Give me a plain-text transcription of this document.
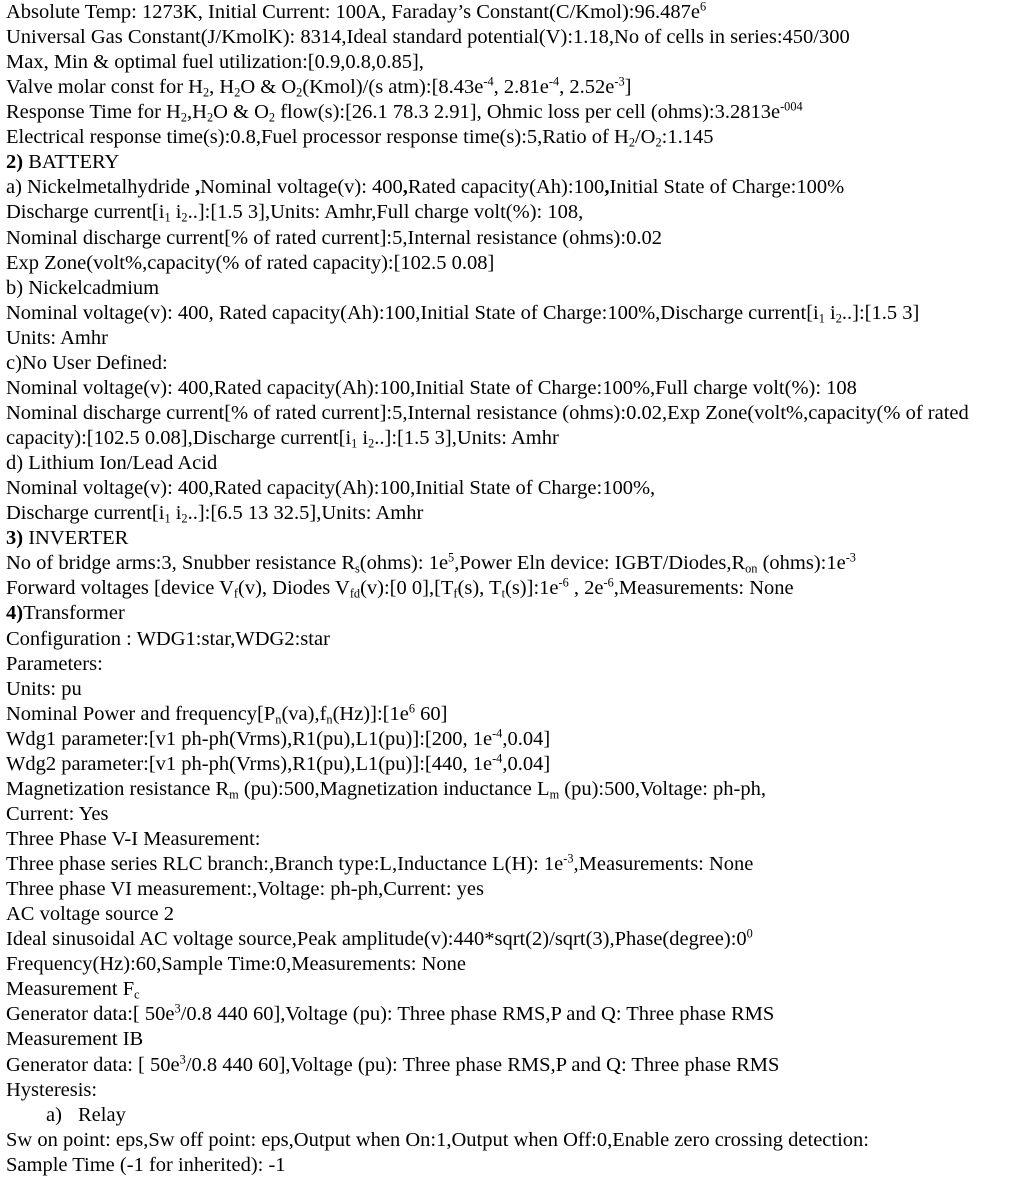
Absolute Temp: 1273K, Initial Current: 100A, Faraday’s $Constant(C/Kmol):96.487e^6$
Universal Gas Constant(J/KmolK): 8314,Ideal standard potential(V):1.18,No of cells in series:450/300
Max, Min & optimal fuel utilization:[0.9,0.8,0.85],
Valve molar const for $H_2$, $H_2O$ & $O_2(Kmol)/(s$ $atm):[8.43e^{-4}$, $2.81e^{-4}$, $2.52e^{-3}$]
Response Time for $H_2,H_2O$ & $O_2$ flow(s):[26.1 78.3 2.91], Ohmic loss per cell $(ohms):3.2813e^{-004}$
Electrical response time(s):0.8,Fuel processor response time(s):5,Ratio of $H_2/O_2:1.145$
2) BATTERY
a) Nickelmetalhydride ,Nominal voltage(v): 400,Rated capacity(Ah):100,Initial State of Charge:100%
Discharge $current[i_1$ $i_2..]:[1.5$ 3],Units: Amhr,Full charge volt(%): 108,
Nominal discharge current[% of rated current]:5,Internal resistance (ohms):0.02
Exp Zone(volt%,capacity(% of rated capacity):[102.5 0.08]
b) Nickelcadmium
Nominal voltage(v): 400, Rated capacity(Ah):100,Initial State of Charge:100%,Discharge $current[i_1$ $i_2..]:[1.5$ 3]
Units: Amhr
c)No User Defined:
Nominal voltage(v): 400,Rated capacity(Ah):100,Initial State of Charge:100%,Full charge volt(%): 108
Nominal discharge current[% of rated current]:5,Internal resistance (ohms):0.02,Exp Zone(volt%,capacity(% of rated
capacity):[102.5 0.08],Discharge $current[i_1$ $i_2..]:[1.5$ 3],Units: Amhr
d) Lithium Ion/Lead Acid
Nominal voltage(v): 400,Rated capacity(Ah):100,Initial State of Charge:100%,
Discharge $current[i_1$ $i_2..]:[6.5$ 13 32.5],Units: Amhr
3) INVERTER
No of bridge arms:3, Snubber resistance $R_s(ohms)$: $1e^5,Power$ Eln device: IGBT/$Diodes,R_{on}$ $(ohms):1e^{-3}$
Forward voltages [device $V_f(v)$, Diodes $V_{fd}(v):[0$ $0],[T_f(s)$, $T_t(s)]:1e^{-6}$ , $2e^{-6},Measurements$: None
4)Transformer
Configuration : WDG1:star,WDG2:star
Parameters:
Units: pu
Nominal Power and $frequency[P_n(va),f_n(Hz)]:[1e^6$ 60]
Wdg1 parameter:[v1 ph-ph(Vrms),R1(pu),L1(pu)]:[200, $1e^{-4},0.04$]
Wdg2 parameter:[v1 ph-ph(Vrms),R1(pu),L1(pu)]:[440, $1e^{-4},0.04$]
Magnetization resistance $R_m$ (pu):500,Magnetization inductance $L_m$ (pu):500,Voltage: ph-ph,
Current: Yes
Three Phase V-I Measurement:
Three phase series RLC branch:,Branch type:L,Inductance L(H): $1e^{-3},Measurements$: None
Three phase VI measurement:,Voltage: ph-ph,Current: yes
AC voltage source 2
Ideal sinusoidal AC voltage source,Peak $amplitude(v):440*sqrt(2)/sqrt(3),Phase(degree):0^0$
Frequency(Hz):60,Sample Time:0,Measurements: None
Measurement $F_c$
Generator data:[ $50e^3/0.8$ 440 60],Voltage (pu): Three phase RMS,P and Q: Three phase RMS
Measurement IB
Generator data: [ $50e^3/0.8$ 440 60],Voltage (pu): Three phase RMS,P and Q: Three phase RMS
Hysteresis:
a) Relay
Sw on point: eps,Sw off point: eps,Output when On:1,Output when Off:0,Enable zero crossing detection:
Sample Time (-1 for inherited): -1
